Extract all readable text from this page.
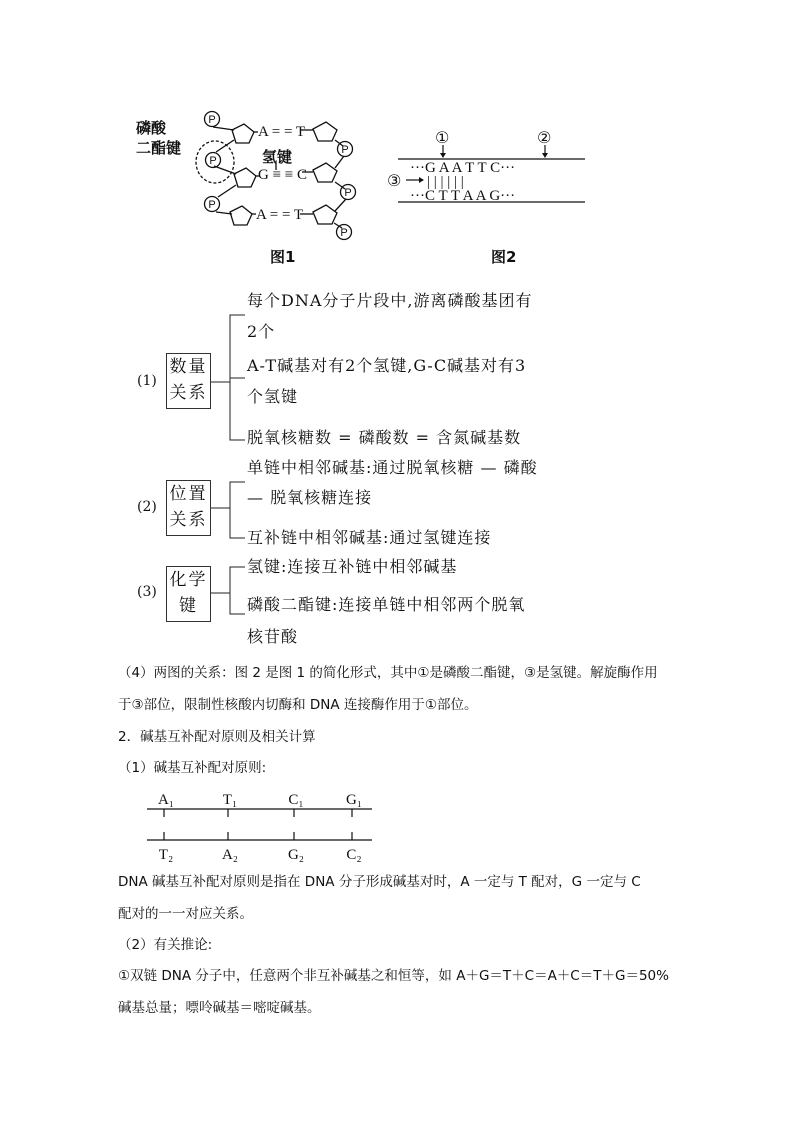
磷酸
二酯键
P
P
P
P
P
P
A = = T
G ≡ ≡ C
A = = T
氢键
图1
①	②
③
···G A A T T C···
| | | | | |
···C T T A A G···
图2
(1)
数量
关系
每个DNA分子片段中,游离磷酸基团有
2个
A-T碱基对有2个氢键,G-C碱基对有3
个氢键
脱氧核糖数 = 磷酸数 = 含氮碱基数
(2)
位置
关系
单链中相邻碱基:通过脱氧核糖 — 磷酸
— 脱氧核糖连接
互补链中相邻碱基:通过氢键连接
(3)
化学
键
氢键:连接互补链中相邻碱基
磷酸二酯键:连接单链中相邻两个脱氧
核苷酸
（4）两图的关系：图 2 是图 1 的简化形式，其中①是磷酸二酯键，③是氢键。解旋酶作用
于③部位，限制性核酸内切酶和 DNA 连接酶作用于①部位。
2．碱基互补配对原则及相关计算
（1）碱基互补配对原则:
A₁	T₁	C₁	G₁
T₂	A₂	G₂	C₂
DNA 碱基互补配对原则是指在 DNA 分子形成碱基对时，A 一定与 T 配对，G 一定与 C
配对的一一对应关系。
（2）有关推论:
①双链 DNA 分子中，任意两个非互补碱基之和恒等，如 A＋G＝T＋C＝A＋C＝T＋G＝50%
碱基总量；嘌呤碱基＝嘧啶碱基。
